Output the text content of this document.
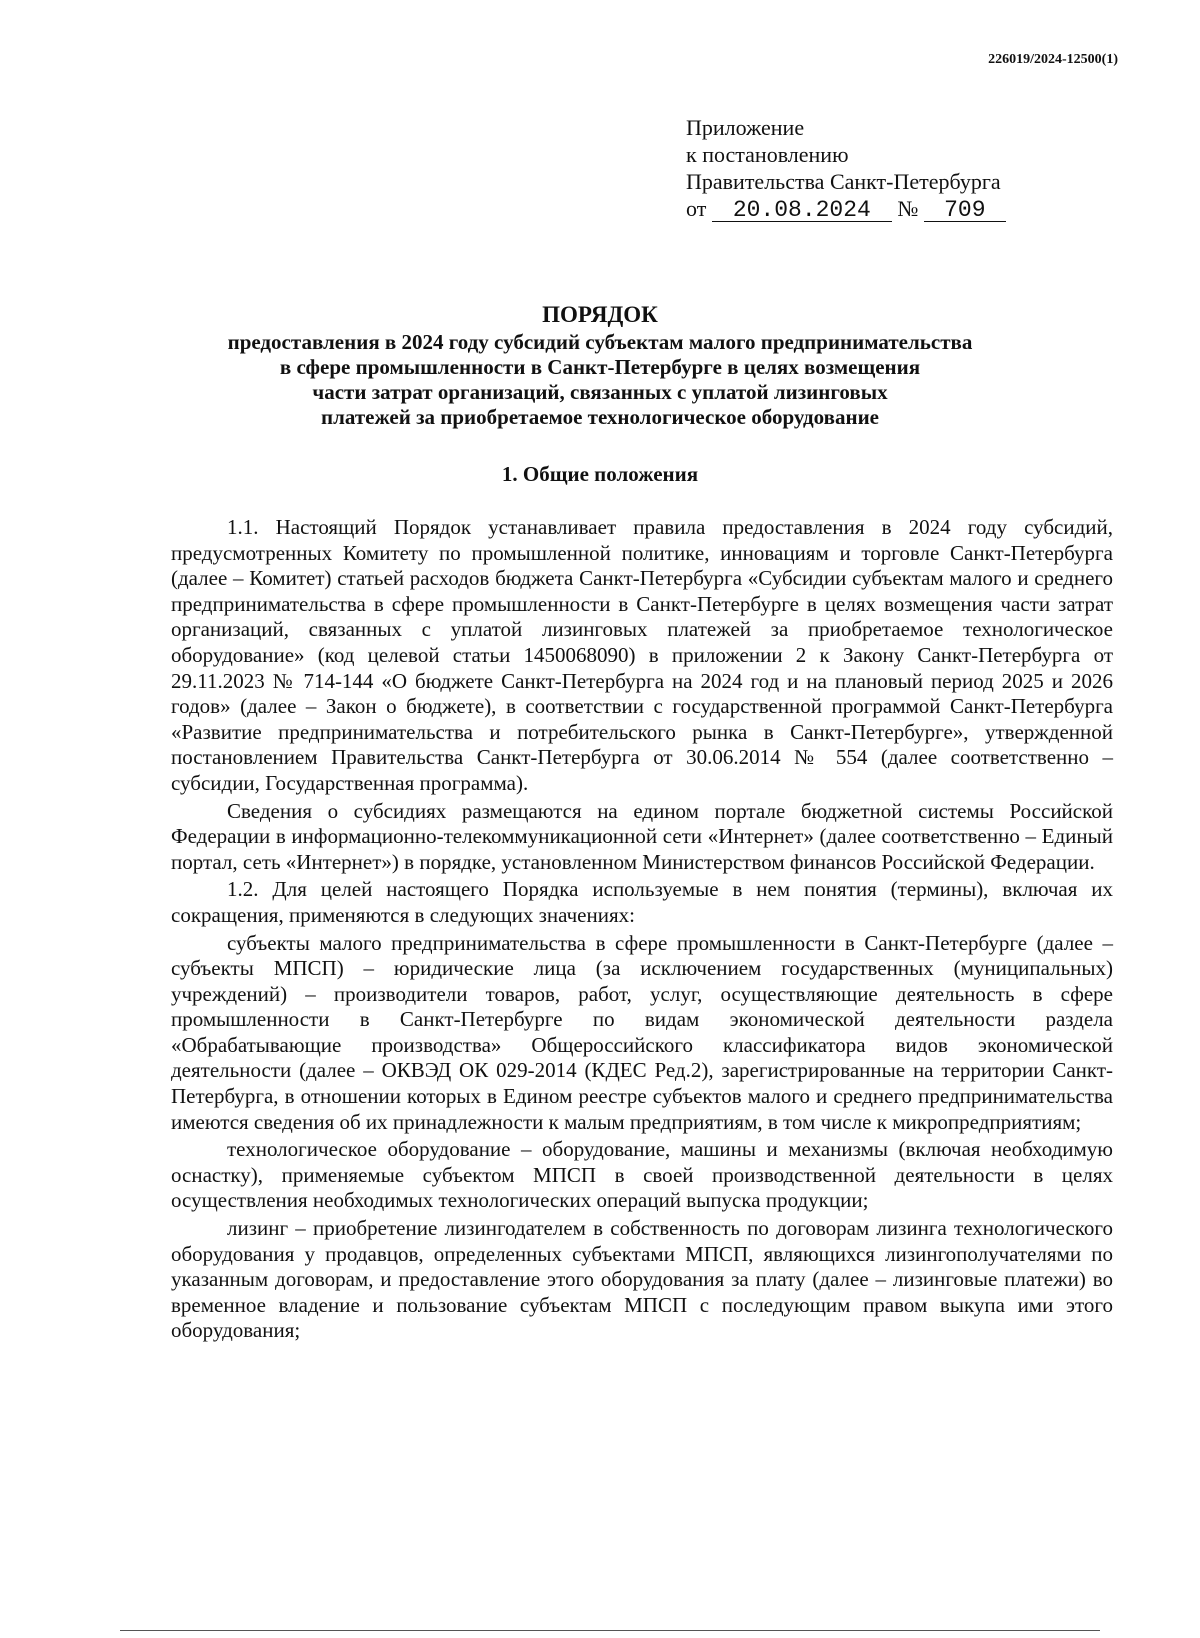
226019/2024-12500(1)
Приложение
к постановлению
Правительства Санкт-Петербурга
от 20.08.2024 № 709
ПОРЯДОК
предоставления в 2024 году субсидий субъектам малого предпринимательства
в сфере промышленности в Санкт-Петербурге в целях возмещения
части затрат организаций, связанных с уплатой лизинговых
платежей за приобретаемое технологическое оборудование
1. Общие положения

1.1. Настоящий Порядок устанавливает правила предоставления в 2024 году субсидий, предусмотренных Комитету по промышленной политике, инновациям и торговле Санкт-Петербурга (далее – Комитет) статьей расходов бюджета Санкт-Петербурга «Субсидии субъектам малого и среднего предпринимательства в сфере промышленности в Санкт-Петербурге в целях возмещения части затрат организаций, связанных с уплатой лизинговых платежей за приобретаемое технологическое оборудование» (код целевой статьи 1450068090) в приложении 2 к Закону Санкт-Петербурга от 29.11.2023 № 714-144 «О бюджете Санкт-Петербурга на 2024 год и на плановый период 2025 и 2026 годов» (далее – Закон о бюджете), в соответствии с государственной программой Санкт-Петербурга «Развитие предпринимательства и потребительского рынка в Санкт-Петербурге», утвержденной постановлением Правительства Санкт-Петербурга от 30.06.2014 № 554 (далее соответственно – субсидии, Государственная программа).

Сведения о субсидиях размещаются на едином портале бюджетной системы Российской Федерации в информационно-телекоммуникационной сети «Интернет» (далее соответственно – Единый портал, сеть «Интернет») в порядке, установленном Министерством финансов Российской Федерации.

1.2. Для целей настоящего Порядка используемые в нем понятия (термины), включая их сокращения, применяются в следующих значениях:

субъекты малого предпринимательства в сфере промышленности в Санкт-Петербурге (далее – субъекты МПСП) – юридические лица (за исключением государственных (муниципальных) учреждений) – производители товаров, работ, услуг, осуществляющие деятельность в сфере промышленности в Санкт-Петербурге по видам экономической деятельности раздела «Обрабатывающие производства» Общероссийского классификатора видов экономической деятельности (далее – ОКВЭД ОК 029-2014 (КДЕС Ред.2), зарегистрированные на территории Санкт-Петербурга, в отношении которых в Едином реестре субъектов малого и среднего предпринимательства имеются сведения об их принадлежности к малым предприятиям, в том числе к микропредприятиям;

технологическое оборудование – оборудование, машины и механизмы (включая необходимую оснастку), применяемые субъектом МПСП в своей производственной деятельности в целях осуществления необходимых технологических операций выпуска продукции;

лизинг – приобретение лизингодателем в собственность по договорам лизинга технологического оборудования у продавцов, определенных субъектами МПСП, являющихся лизингополучателями по указанным договорам, и предоставление этого оборудования за плату (далее – лизинговые платежи) во временное владение и пользование субъектам МПСП с последующим правом выкупа ими этого оборудования;
